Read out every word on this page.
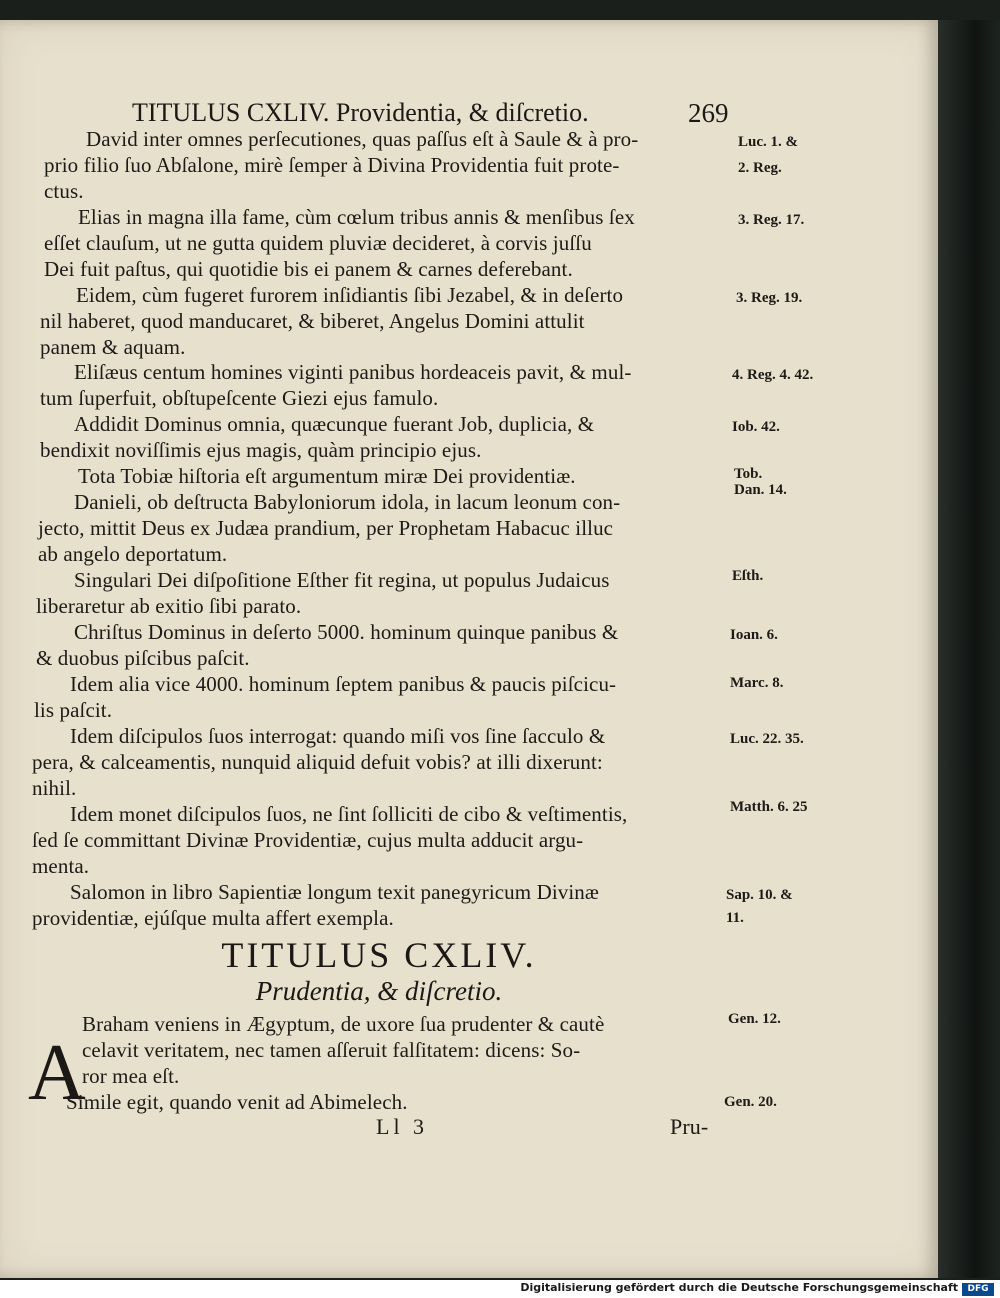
TITULUS CXLIV. Providentia, & diſcretio.	269
David inter omnes perſecutiones, quas paſſus eſt à Saule & à pro-
prio filio ſuo Abſalone, mirè ſemper à Divina Providentia fuit prote-
ctus.
Elias in magna illa fame, cùm cœlum tribus annis & menſibus ſex
eſſet clauſum, ut ne gutta quidem pluviæ decideret, à corvis juſſu
Dei fuit paſtus, qui quotidie bis ei panem & carnes deferebant.
Eidem, cùm fugeret furorem inſidiantis ſibi Jezabel, & in deſerto
nil haberet, quod manducaret, & biberet, Angelus Domini attulit
panem & aquam.
Eliſæus centum homines viginti panibus hordeaceis pavit, & mul-
tum ſuperfuit, obſtupeſcente Giezi ejus famulo.
Addidit Dominus omnia, quæcunque fuerant Job, duplicia, &
bendixit noviſſimis ejus magis, quàm principio ejus.
Tota Tobiæ hiſtoria eſt argumentum miræ Dei providentiæ.
Danieli, ob deſtructa Babyloniorum idola, in lacum leonum con-
jecto, mittit Deus ex Judæa prandium, per Prophetam Habacuc illuc
ab angelo deportatum.
Singulari Dei diſpoſitione Eſther fit regina, ut populus Judaicus
liberaretur ab exitio ſibi parato.
Chriſtus Dominus in deſerto 5000. hominum quinque panibus &
& duobus piſcibus paſcit.
Idem alia vice 4000. hominum ſeptem panibus & paucis piſcicu-
lis paſcit.
Idem diſcipulos ſuos interrogat: quando miſi vos ſine ſacculo &
pera, & calceamentis, nunquid aliquid defuit vobis? at illi dixerunt:
nihil.
Idem monet diſcipulos ſuos, ne ſint ſolliciti de cibo & veſtimentis,
ſed ſe committant Divinæ Providentiæ, cujus multa adducit argu-
menta.
Salomon in libro Sapientiæ longum texit panegyricum Divinæ
providentiæ, ejúſque multa affert exempla.
Luc. 1. &
2. Reg.
3. Reg. 17.
3. Reg. 19.
4. Reg. 4. 42.
Iob. 42.
Tob.
Dan. 14.
Eſth.
Ioan. 6.
Marc. 8.
Luc. 22. 35.
Matth. 6. 25
Sap. 10. &
11.
TITULUS CXLIV.
Prudentia, & diſcretio.
A
Braham veniens in Ægyptum, de uxore ſua prudenter & cautè
celavit veritatem, nec tamen aſſeruit falſitatem: dicens: So-
ror mea eſt.
Simile egit, quando venit ad Abimelech.
Gen. 12.
Gen. 20.
Ll 3	Pru-
Digitalisierung gefördert durch die Deutsche Forschungsgemeinschaft	DFG
